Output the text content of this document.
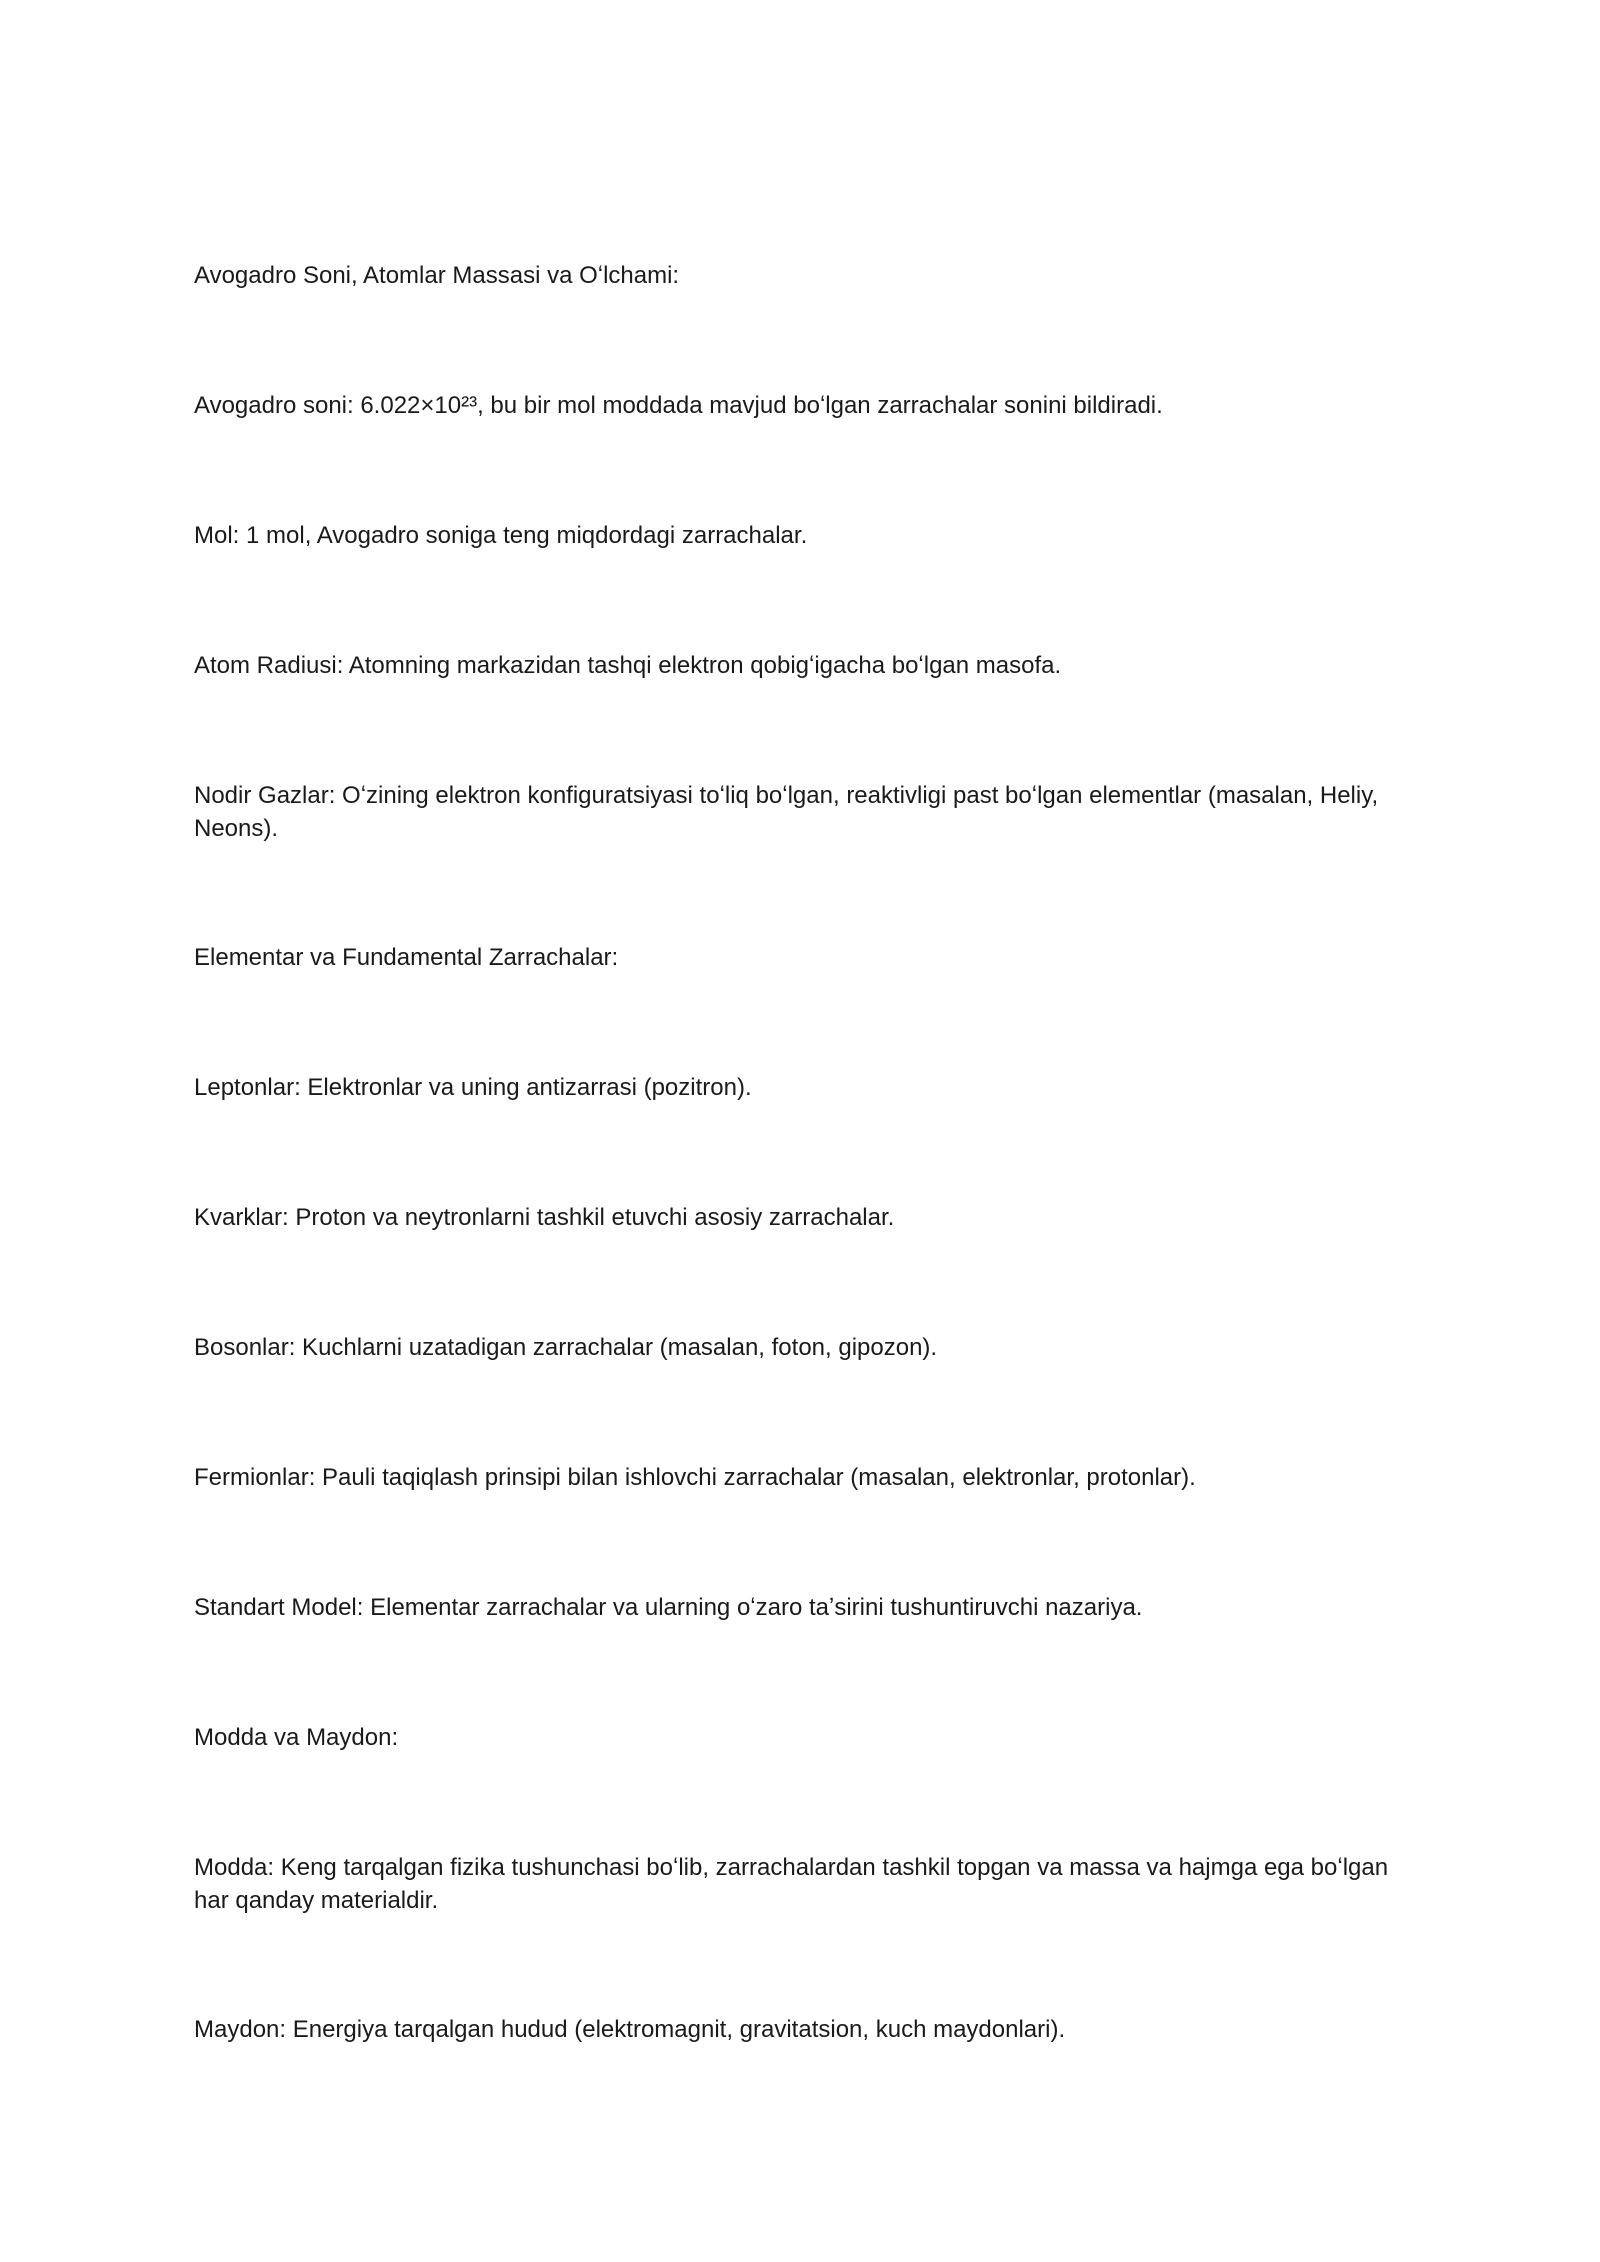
Avogadro Soni, Atomlar Massasi va Oʻlchami:

Avogadro soni: 6.022×10²³, bu bir mol moddada mavjud boʻlgan zarrachalar sonini bildiradi.

Mol: 1 mol, Avogadro soniga teng miqdordagi zarrachalar.

Atom Radiusi: Atomning markazidan tashqi elektron qobigʻigacha boʻlgan masofa.

Nodir Gazlar: Oʻzining elektron konfiguratsiyasi toʻliq boʻlgan, reaktivligi past boʻlgan elementlar (masalan, Heliy, Neons).

Elementar va Fundamental Zarrachalar:

Leptonlar: Elektronlar va uning antizarrasi (pozitron).

Kvarklar: Proton va neytronlarni tashkil etuvchi asosiy zarrachalar.

Bosonlar: Kuchlarni uzatadigan zarrachalar (masalan, foton, gipozon).

Fermionlar: Pauli taqiqlash prinsipi bilan ishlovchi zarrachalar (masalan, elektronlar, protonlar).

Standart Model: Elementar zarrachalar va ularning oʻzaro taʼsirini tushuntiruvchi nazariya.

Modda va Maydon:

Modda: Keng tarqalgan fizika tushunchasi boʻlib, zarrachalardan tashkil topgan va massa va hajmga ega boʻlgan har qanday materialdir.

Maydon: Energiya tarqalgan hudud (elektromagnit, gravitatsion, kuch maydonlari).
